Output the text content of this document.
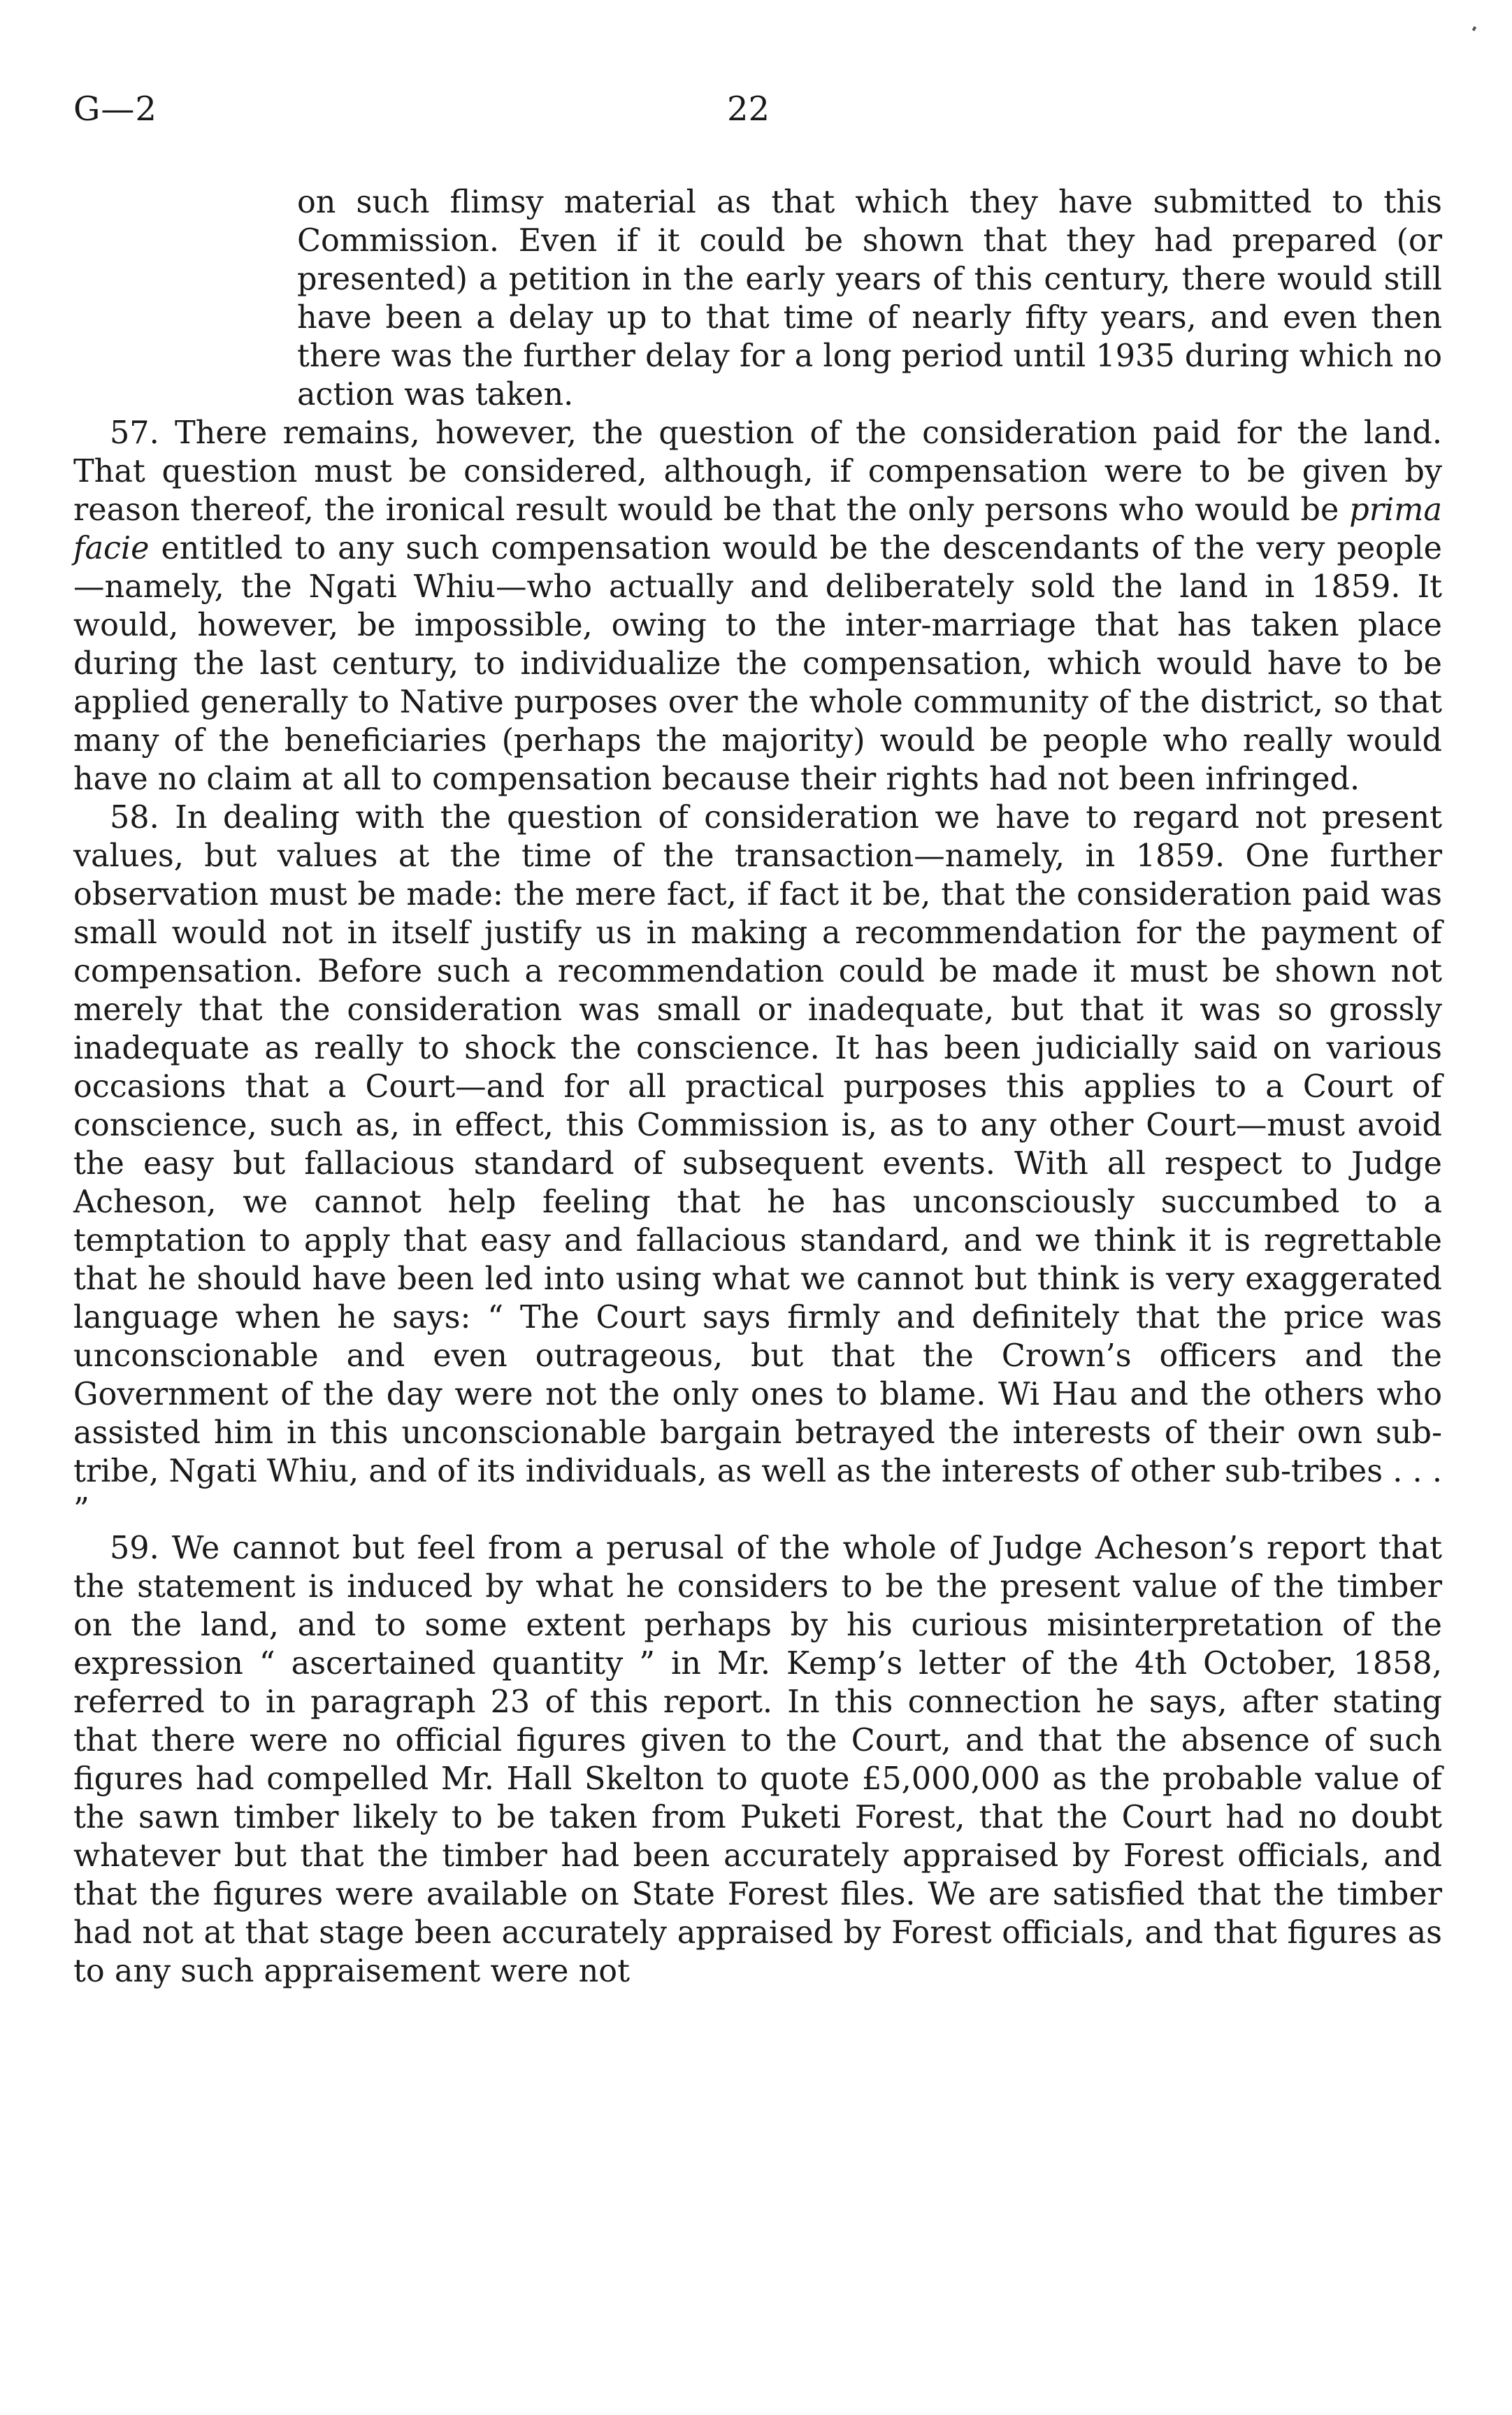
G—2	22

on such flimsy material as that which they have submitted to this Commission. Even if it could be shown that they had prepared (or presented) a petition in the early years of this century, there would still have been a delay up to that time of nearly fifty years, and even then there was the further delay for a long period until 1935 during which no action was taken.

57. There remains, however, the question of the consideration paid for the land. That question must be considered, although, if compensation were to be given by reason thereof, the ironical result would be that the only persons who would be prima facie entitled to any such compensation would be the descendants of the very people—namely, the Ngati Whiu—who actually and deliberately sold the land in 1859. It would, however, be impossible, owing to the inter-marriage that has taken place during the last century, to individualize the compensation, which would have to be applied generally to Native purposes over the whole community of the district, so that many of the beneficiaries (perhaps the majority) would be people who really would have no claim at all to compensation because their rights had not been infringed.

58. In dealing with the question of consideration we have to regard not present values, but values at the time of the transaction—namely, in 1859. One further observation must be made: the mere fact, if fact it be, that the consideration paid was small would not in itself justify us in making a recommendation for the payment of compensation. Before such a recommendation could be made it must be shown not merely that the consideration was small or inadequate, but that it was so grossly inadequate as really to shock the conscience. It has been judicially said on various occasions that a Court—and for all practical purposes this applies to a Court of conscience, such as, in effect, this Commission is, as to any other Court—must avoid the easy but fallacious standard of subsequent events. With all respect to Judge Acheson, we cannot help feeling that he has unconsciously succumbed to a temptation to apply that easy and fallacious standard, and we think it is regrettable that he should have been led into using what we cannot but think is very exaggerated language when he says: “ The Court says firmly and definitely that the price was unconscionable and even outrageous, but that the Crown’s officers and the Government of the day were not the only ones to blame. Wi Hau and the others who assisted him in this unconscionable bargain betrayed the interests of their own sub-tribe, Ngati Whiu, and of its individuals, as well as the interests of other sub-tribes . . . ”

59. We cannot but feel from a perusal of the whole of Judge Acheson’s report that the statement is induced by what he considers to be the present value of the timber on the land, and to some extent perhaps by his curious misinterpretation of the expression “ ascertained quantity ” in Mr. Kemp’s letter of the 4th October, 1858, referred to in paragraph 23 of this report. In this connection he says, after stating that there were no official figures given to the Court, and that the absence of such figures had compelled Mr. Hall Skelton to quote £5,000,000 as the probable value of the sawn timber likely to be taken from Puketi Forest, that the Court had no doubt whatever but that the timber had been accurately appraised by Forest officials, and that the figures were available on State Forest files. We are satisfied that the timber had not at that stage been accurately appraised by Forest officials, and that figures as to any such appraisement were not
